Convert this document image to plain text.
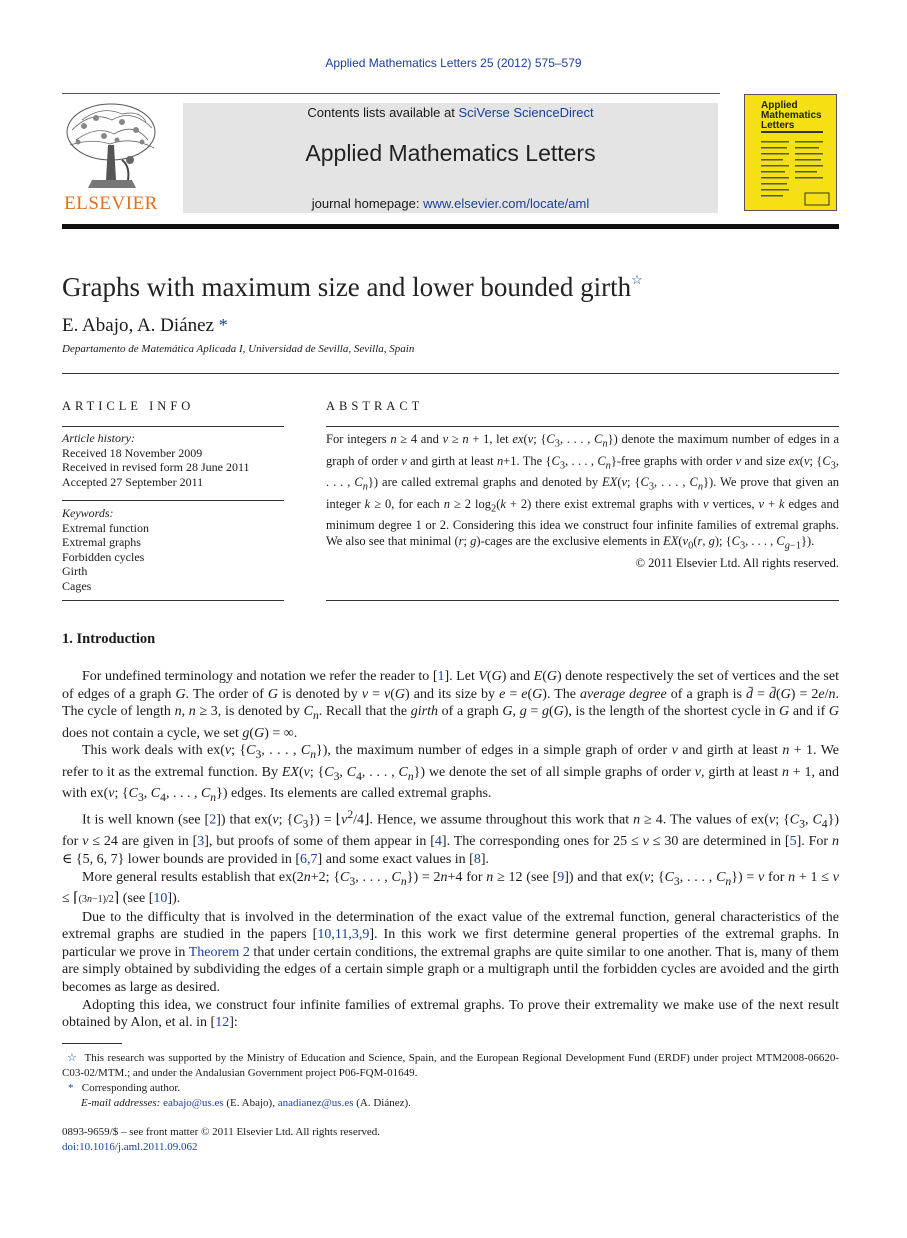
Applied Mathematics Letters 25 (2012) 575–579
ELSEVIER
Contents lists available at SciVerse ScienceDirect
Applied Mathematics Letters
journal homepage: www.elsevier.com/locate/aml
Applied
Mathematics
Letters
Graphs with maximum size and lower bounded girth☆
E. Abajo, A. Diánez *
Departamento de Matemática Aplicada I, Universidad de Sevilla, Sevilla, Spain
ARTICLE INFO
Article history:
Received 18 November 2009
Received in revised form 28 June 2011
Accepted 27 September 2011
Keywords:
Extremal function
Extremal graphs
Forbidden cycles
Girth
Cages
ABSTRACT
For integers n ≥ 4 and ν ≥ n + 1, let ex(ν; {$C_3$, . . . , $C_n$}) denote the maximum number of edges in a graph of order ν and girth at least n+1. The {$C_3$, . . . , $C_n$}-free graphs with order ν and size ex(ν; {$C_3$, . . . , $C_n$}) are called extremal graphs and denoted by EX(ν; {$C_3$, . . . , $C_n$}). We prove that given an integer k ≥ 0, for each n ≥ 2 $\log_2(k + 2)$ there exist extremal graphs with ν vertices, ν + k edges and minimum degree 1 or 2. Considering this idea we construct four infinite families of extremal graphs. We also see that minimal (r; g)-cages are the exclusive elements in $EX(\nu_0(r$, g); {$C_3$, . . . , $C_{g-1}$}).
© 2011 Elsevier Ltd. All rights reserved.
1. Introduction

For undefined terminology and notation we refer the reader to [1]. Let V(G) and E(G) denote respectively the set of vertices and the set of edges of a graph G. The order of G is denoted by ν = ν(G) and its size by e = e(G). The average degree of a graph is d̄ = d̄(G) = 2e/n. The cycle of length n, n ≥ 3, is denoted by $C_n$. Recall that the girth of a graph G, g = g(G), is the length of the shortest cycle in G and if G does not contain a cycle, we set g(G) = ∞.

This work deals with ex(ν; {$C_3$, . . . , $C_n$}), the maximum number of edges in a simple graph of order ν and girth at least n + 1. We refer to it as the extremal function. By EX(ν; {$C_3$, $C_4$, . . . , $C_n$}) we denote the set of all simple graphs of order ν, girth at least n + 1, and with ex(ν; {$C_3$, $C_4$, . . . , $C_n$}) edges. Its elements are called extremal graphs.

It is well known (see [2]) that ex(ν; $\{C_3\}$) = $⌊\nu^2/4⌋$. Hence, we assume throughout this work that n ≥ 4. The values of ex(ν; {$C_3$, $C_4$}) for ν ≤ 24 are given in [3], but proofs of some of them appear in [4]. The corresponding ones for 25 ≤ ν ≤ 30 are determined in [5]. For n ∈ {5, 6, 7} lower bounds are provided in [6,7] and some exact values in [8].

More general results establish that ex(2n+2; {$C_3$, . . . , $C_n\}) = 2n+4$ for n ≥ 12 (see [9]) and that ex(ν; {$C_3$, . . . , $C_n\}) = \nu$ for n + 1 ≤ ν ≤ ⌈(3n−1)/2⌉ (see [10]).

Due to the difficulty that is involved in the determination of the exact value of the extremal function, general characteristics of the extremal graphs are studied in the papers [10,11,3,9]. In this work we first determine general properties of the extremal graphs. In particular we prove in Theorem 2 that under certain conditions, the extremal graphs are quite similar to one another. That is, many of them are simply obtained by subdividing the edges of a certain simple graph or a multigraph until the forbidden cycles are avoided and the girth becomes as large as desired.

Adopting this idea, we construct four infinite families of extremal graphs. To prove their extremality we make use of the next result obtained by Alon, et al. in [12]:

☆ This research was supported by the Ministry of Education and Science, Spain, and the European Regional Development Fund (ERDF) under project MTM2008-06620-C03-02/MTM.; and under the Andalusian Government project P06-FQM-01649.

* Corresponding author.

E-mail addresses: eabajo@us.es (E. Abajo), anadianez@us.es (A. Diánez).

0893-9659/$ – see front matter © 2011 Elsevier Ltd. All rights reserved.
doi:10.1016/j.aml.2011.09.062
